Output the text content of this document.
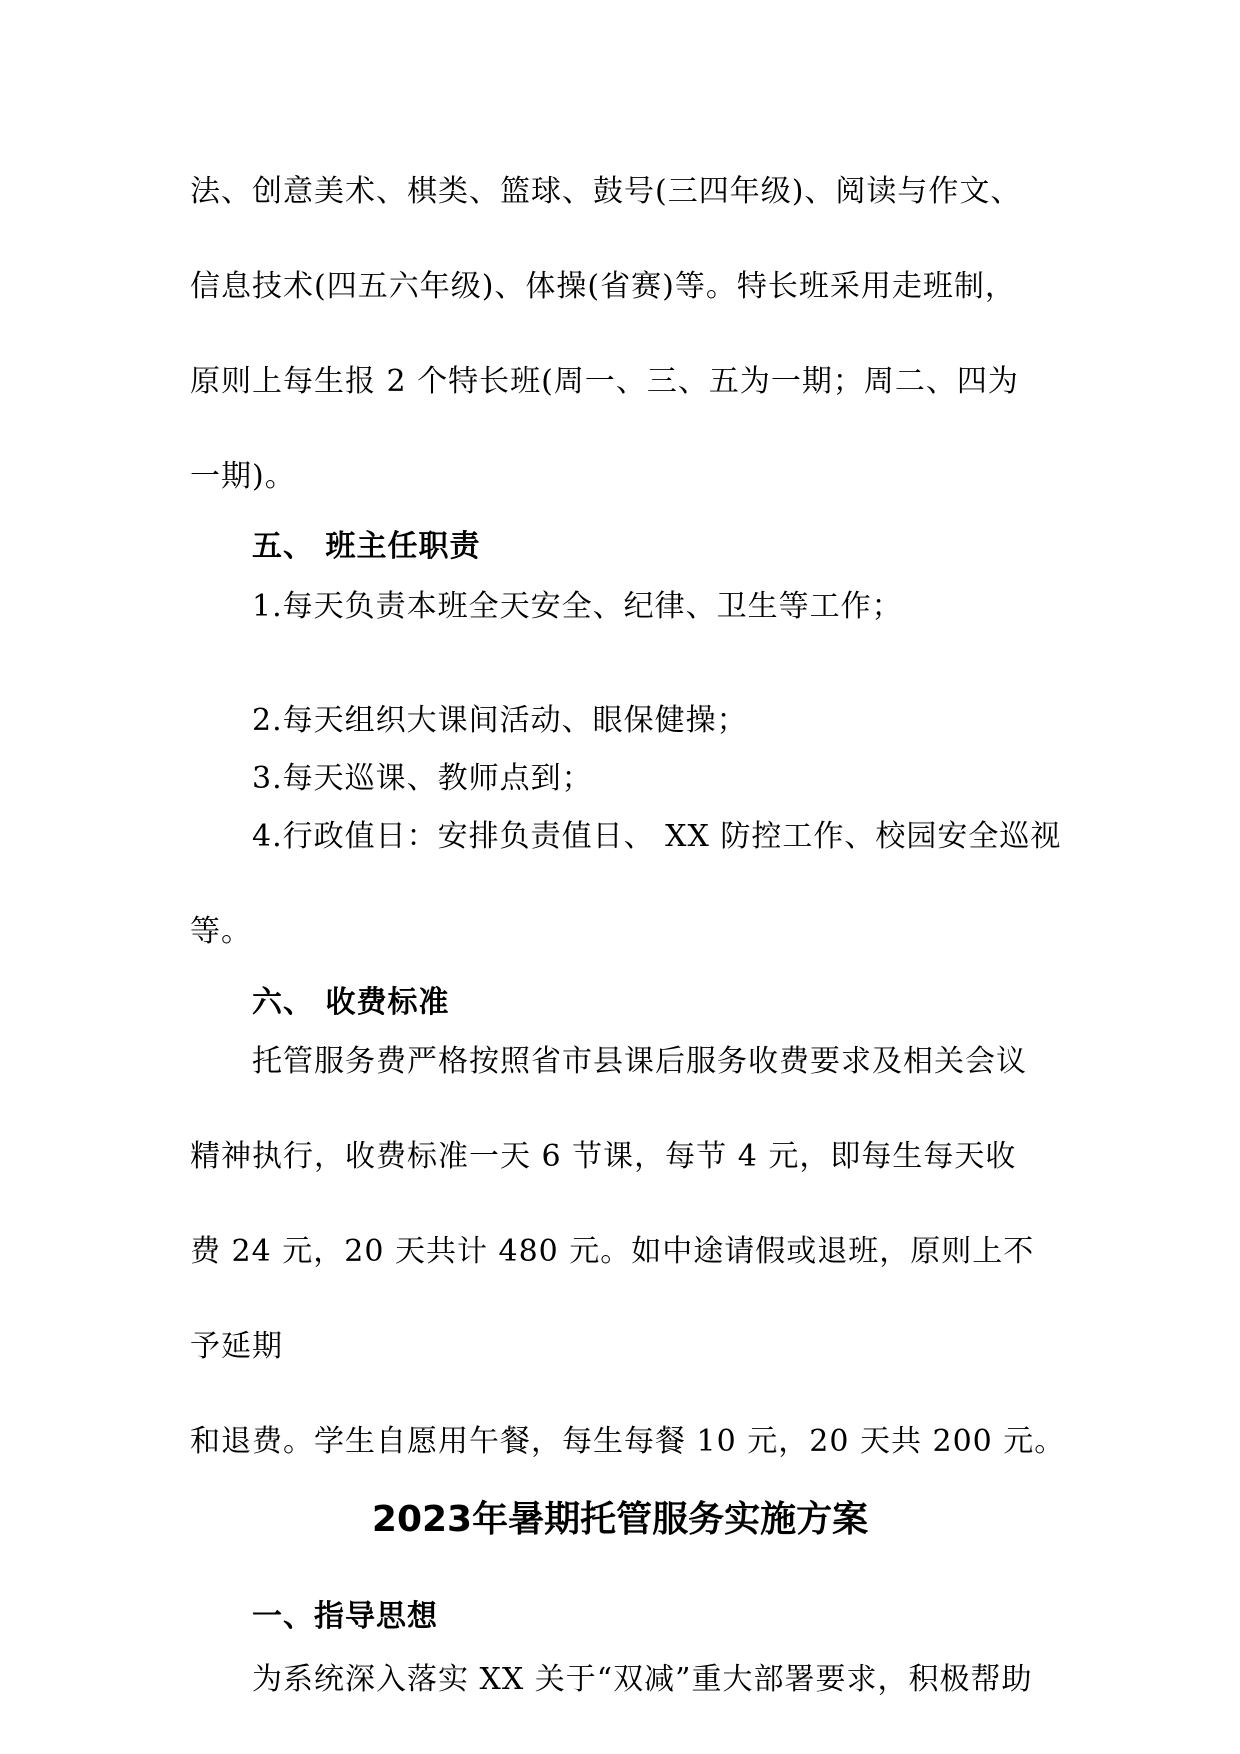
法、创意美术、棋类、篮球、鼓号(三四年级)、阅读与作文、
信息技术(四五六年级)、体操(省赛)等。特长班采用走班制，
原则上每生报 2 个特长班(周一、三、五为一期；周二、四为
一期)。
五、 班主任职责
1.每天负责本班全天安全、纪律、卫生等工作；
2.每天组织大课间活动、眼保健操；
3.每天巡课、教师点到；
4.行政值日：安排负责值日、 XX 防控工作、校园安全巡视
等。
六、 收费标准
托管服务费严格按照省市县课后服务收费要求及相关会议
精神执行，收费标准一天 6 节课，每节 4 元，即每生每天收
费 24 元，20 天共计 480 元。如中途请假或退班，原则上不
予延期
和退费。学生自愿用午餐，每生每餐 10 元，20 天共 200 元。
2023年暑期托管服务实施方案
一、指导思想
为系统深入落实 XX 关于“双减”重大部署要求，积极帮助
